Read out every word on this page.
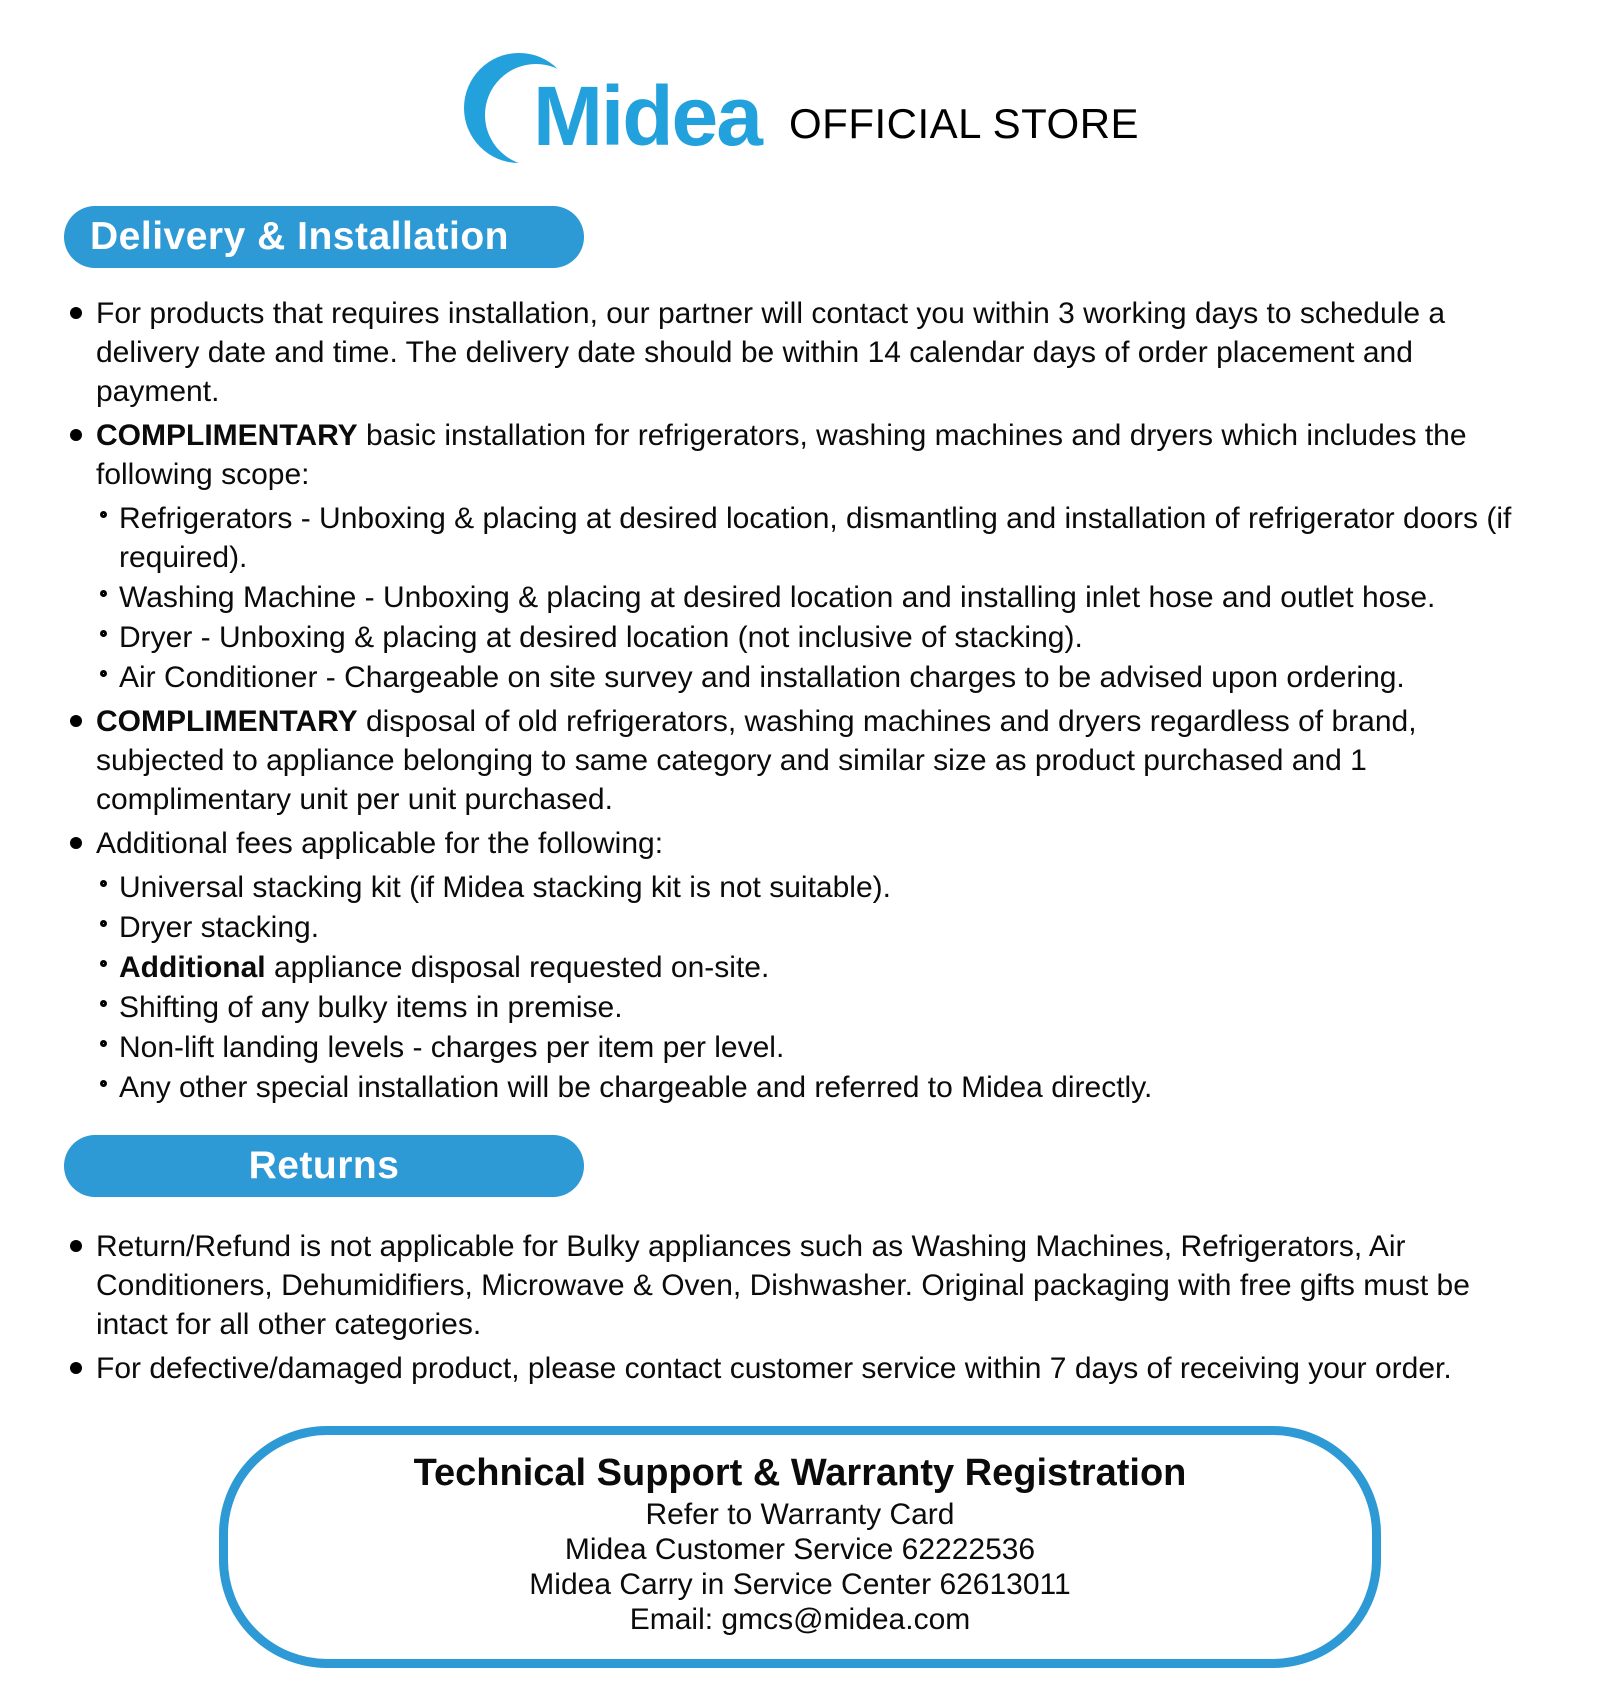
Midea OFFICIAL STORE
Delivery & Installation
For products that requires installation, our partner will contact you within 3 working days to schedule a delivery date and time. The delivery date should be within 14 calendar days of order placement and payment.
COMPLIMENTARY basic installation for refrigerators, washing machines and dryers which includes the following scope:
Refrigerators - Unboxing & placing at desired location, dismantling and installation of refrigerator doors (if required).
Washing Machine - Unboxing & placing at desired location and installing inlet hose and outlet hose.
Dryer - Unboxing & placing at desired location (not inclusive of stacking).
Air Conditioner - Chargeable on site survey and installation charges to be advised upon ordering.
COMPLIMENTARY disposal of old refrigerators, washing machines and dryers regardless of brand, subjected to appliance belonging to same category and similar size as product purchased and 1 complimentary unit per unit purchased.
Additional fees applicable for the following:
Universal stacking kit (if Midea stacking kit is not suitable).
Dryer stacking.
Additional appliance disposal requested on-site.
Shifting of any bulky items in premise.
Non-lift landing levels - charges per item per level.
Any other special installation will be chargeable and referred to Midea directly.
Returns
Return/Refund is not applicable for Bulky appliances such as Washing Machines, Refrigerators, Air Conditioners, Dehumidifiers, Microwave & Oven, Dishwasher. Original packaging with free gifts must be intact for all other categories.
For defective/damaged product, please contact customer service within 7 days of receiving your order.
Technical Support & Warranty Registration
Refer to Warranty Card
Midea Customer Service 62222536
Midea Carry in Service Center 62613011
Email: gmcs@midea.com
